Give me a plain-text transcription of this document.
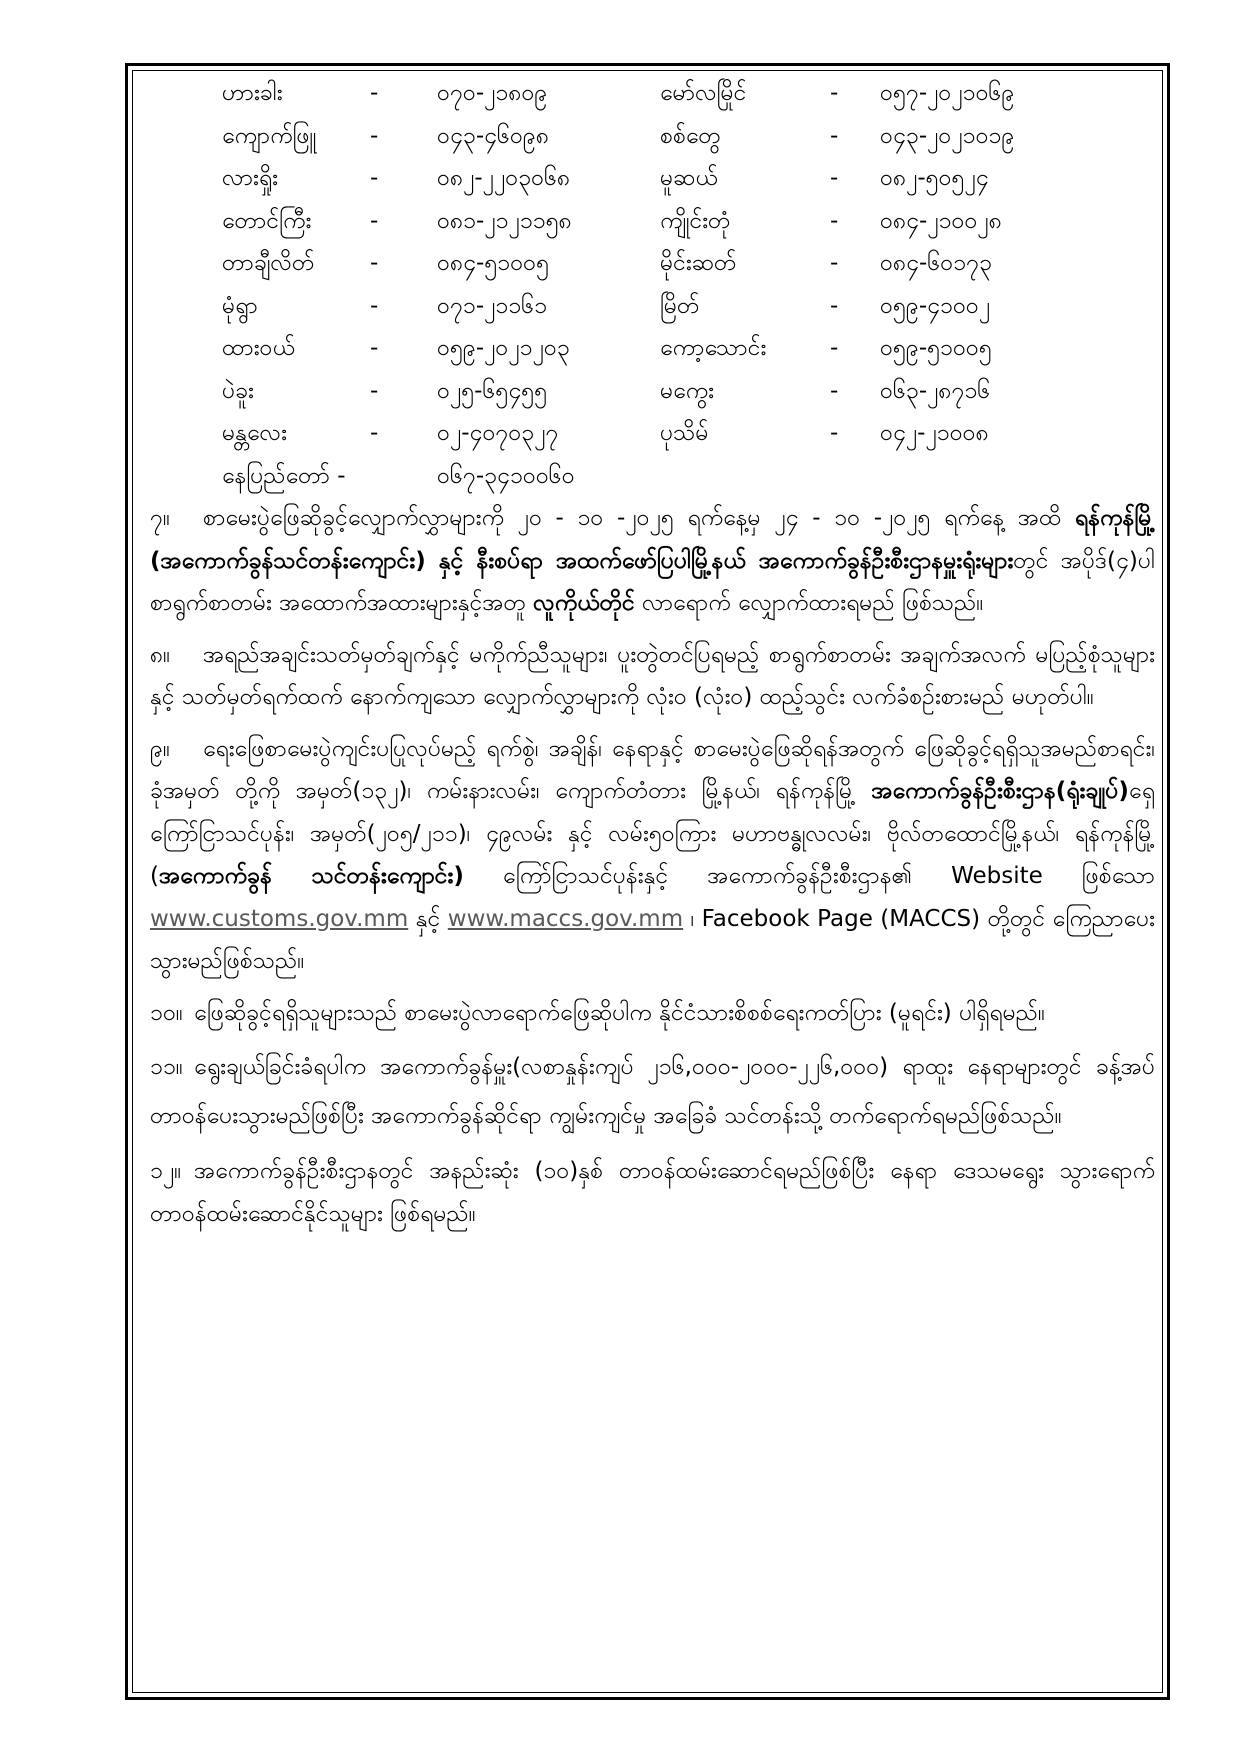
ဟားခါး	-	၀၇၀-၂၁၈၀၉	မော်လမြိုင်	-	၀၅၇-၂၀၂၁၀၆၉
ကျောက်ဖြူ	-	၀၄၃-၄၆၀၉၈	စစ်တွေ	-	၀၄၃-၂၀၂၁၀၁၉
လားရှိုး	-	၀၈၂-၂၂၀၃၀၆၈	မူဆယ်	-	၀၈၂-၅၀၅၂၄
တောင်ကြီး	-	၀၈၁-၂၁၂၁၁၅၈	ကျိုင်းတုံ	-	၀၈၄-၂၁၀၀၂၈
တာချီလိတ်	-	၀၈၄-၅၁၀၀၅	မိုင်းဆတ်	-	၀၈၄-၆၀၁၇၃
မုံရွာ	-	၀၇၁-၂၁၁၆၁	မြိတ်	-	၀၅၉-၄၁၀၀၂
ထားဝယ်	-	၀၅၉-၂၀၂၁၂၀၃	ကော့သောင်း	-	၀၅၉-၅၁၀၀၅
ပဲခူး	-	၀၂၅-၆၅၄၅၅	မကွေး	-	၀၆၃-၂၈၇၁၆
မန္တလေး	-	၀၂-၄၀၇၀၃၂၇	ပုသိမ်	-	၀၄၂-၂၁၀၀၈
နေပြည်တော် -	၀၆၇-၃၄၁၀၀၆၀

၇။ စာမေးပွဲဖြေဆိုခွင့်လျှောက်လွှာများကို ၂၀ - ၁၀ -၂၀၂၅ ရက်နေ့မှ ၂၄ - ၁၀ -၂၀၂၅ ရက်နေ့ အထိ ရန်ကုန်မြို့ (အကောက်ခွန်သင်တန်းကျောင်း) နှင့် နီးစပ်ရာ အထက်ဖော်ပြပါမြို့နယ် အကောက်ခွန်ဦးစီးဌာနမှူးရုံးများတွင် အပိုဒ်(၄)ပါစာရွက်စာတမ်း အထောက်အထားများနှင့်အတူ လူကိုယ်တိုင် လာရောက် လျှောက်ထားရမည် ဖြစ်သည်။

၈။ အရည်အချင်းသတ်မှတ်ချက်နှင့် မကိုက်ညီသူများ၊ ပူးတွဲတင်ပြရမည့် စာရွက်စာတမ်း အချက်အလက် မပြည့်စုံသူများနှင့် သတ်မှတ်ရက်ထက် နောက်ကျသော လျှောက်လွှာများကို လုံးဝ (လုံးဝ) ထည့်သွင်း လက်ခံစဉ်းစားမည် မဟုတ်ပါ။

၉။ ရေးဖြေစာမေးပွဲကျင်းပပြုလုပ်မည့် ရက်စွဲ၊ အချိန်၊ နေရာနှင့် စာမေးပွဲဖြေဆိုရန်အတွက် ဖြေဆိုခွင့်ရရှိသူအမည်စာရင်း၊ ခုံအမှတ် တို့ကို အမှတ်(၁၃၂)၊ ကမ်းနားလမ်း၊ ကျောက်တံတား မြို့နယ်၊ ရန်ကုန်မြို့ အကောက်ခွန်ဦးစီးဌာန(ရုံးချုပ်)ရှေ့ ကြော်ငြာသင်ပုန်း၊ အမှတ်(၂၀၅/၂၁၁)၊ ၄၉လမ်း နှင့် လမ်း၅၀ကြား မဟာဗန္ဓုလလမ်း၊ ဗိုလ်တထောင်မြို့နယ်၊ ရန်ကုန်မြို့ (အကောက်ခွန် သင်တန်းကျောင်း) ကြော်ငြာသင်ပုန်းနှင့် အကောက်ခွန်ဦးစီးဌာန၏ Website ဖြစ်သော www.customs.gov.mm နှင့် www.maccs.gov.mm ၊ Facebook Page (MACCS) တို့တွင် ကြေညာပေးသွားမည်ဖြစ်သည်။

၁၀။ ဖြေဆိုခွင့်ရရှိသူများသည် စာမေးပွဲလာရောက်ဖြေဆိုပါက နိုင်ငံသားစိစစ်ရေးကတ်ပြား (မူရင်း) ပါရှိရမည်။

၁၁။ ရွေးချယ်ခြင်းခံရပါက အကောက်ခွန်မှူး(လစာနှုန်းကျပ် ၂၁၆,၀၀၀-၂၀၀၀-၂၂၆,၀၀၀) ရာထူး နေရာများတွင် ခန့်အပ်တာဝန်ပေးသွားမည်ဖြစ်ပြီး အကောက်ခွန်ဆိုင်ရာ ကျွမ်းကျင်မှု အခြေခံ သင်တန်းသို့ တက်ရောက်ရမည်ဖြစ်သည်။

၁၂။ အကောက်ခွန်ဦးစီးဌာနတွင် အနည်းဆုံး (၁၀)နှစ် တာဝန်ထမ်းဆောင်ရမည်ဖြစ်ပြီး နေရာ ဒေသမရွေး သွားရောက်တာဝန်ထမ်းဆောင်နိုင်သူများ ဖြစ်ရမည်။
